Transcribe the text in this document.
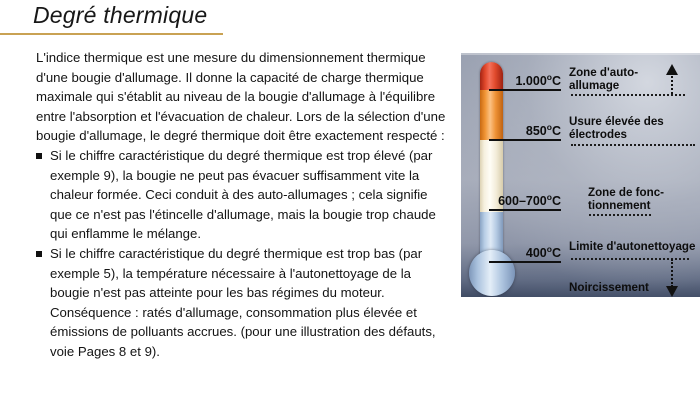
Degré thermique

L'indice thermique est une mesure du dimensionnement thermique d'une bougie d'allumage. Il donne la capacité de charge thermique maximale qui s'établit au niveau de la bougie d'allumage à l'équilibre entre l'absorption et l'évacuation de chaleur. Lors de la sélection d'une bougie d'allumage, le degré thermique doit être exactement respecté :

Si le chiffre caractéristique du degré thermique est trop élevé (par exemple 9), la bougie ne peut pas évacuer suffisamment vite la chaleur formée. Ceci conduit à des auto-allumages ; cela signifie que ce n'est pas l'étincelle d'allumage, mais la bougie trop chaude qui enflamme le mélange.
Si le chiffre caractéristique du degré thermique est trop bas (par exemple 5), la température nécessaire à l'autonettoyage de la bougie n'est pas atteinte pour les bas régimes du moteur. Conséquence : ratés d'allumage, consommation plus élevée et émissions de polluants accrues. (pour une illustration des défauts, voie Pages 8 et 9).
1.000$^o$C
850$^o$C
600–700$^o$C
400$^o$C
Zone d'auto-
allumage
Usure élevée des
électrodes
Zone de fonc-
tionnement
Limite d'autonettoyage
Noircissement
